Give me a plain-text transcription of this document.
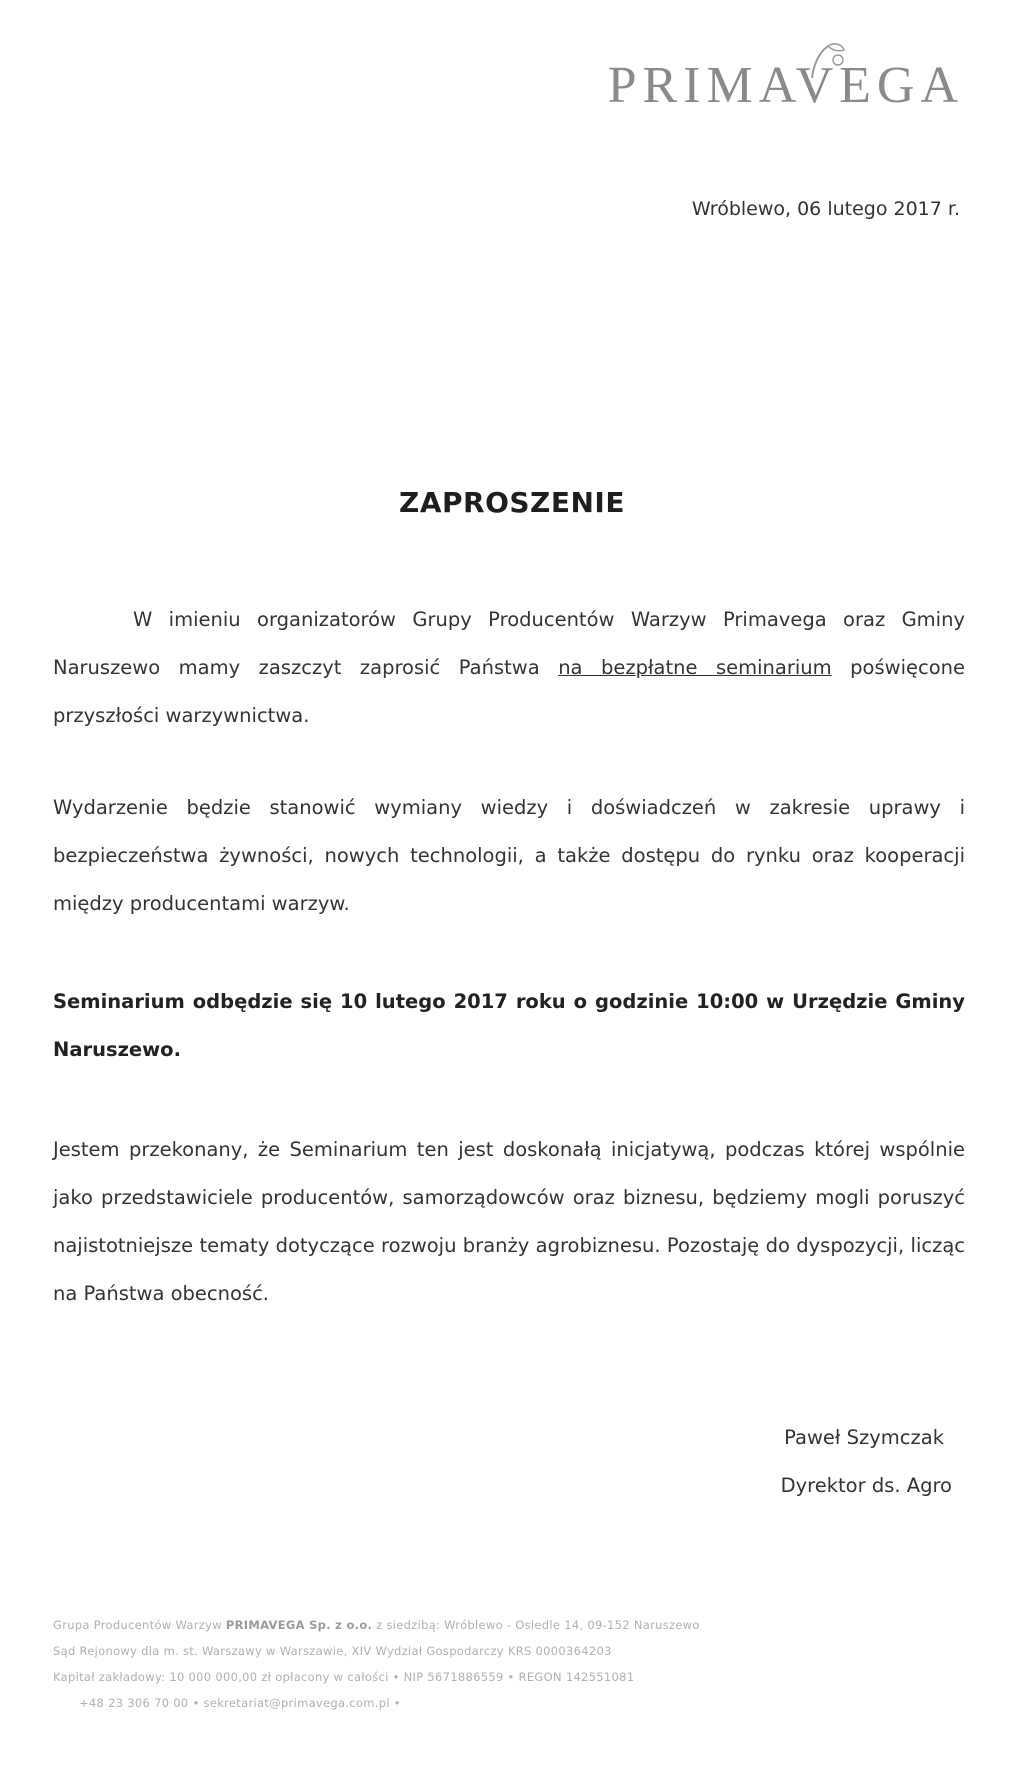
PRIMAVEGA
Wróblewo, 06 lutego 2017 r.
ZAPROSZENIE
W imieniu organizatorów Grupy Producentów Warzyw Primavega oraz Gminy Naruszewo mamy zaszczyt zaprosić Państwa na bezpłatne seminarium poświęcone przyszłości warzywnictwa.
Wydarzenie będzie stanowić wymiany wiedzy i doświadczeń w zakresie uprawy i bezpieczeństwa żywności, nowych technologii, a także dostępu do rynku oraz kooperacji między producentami warzyw.
Seminarium odbędzie się 10 lutego 2017 roku o godzinie 10:00 w Urzędzie Gminy Naruszewo.
Jestem przekonany, że Seminarium ten jest doskonałą inicjatywą, podczas której wspólnie jako przedstawiciele producentów, samorządowców oraz biznesu, będziemy mogli poruszyć najistotniejsze tematy dotyczące rozwoju branży agrobiznesu. Pozostaję do dyspozycji, licząc na Państwa obecność.
Paweł Szymczak
Dyrektor ds. Agro
Grupa Producentów Warzyw PRIMAVEGA Sp. z o.o. z siedzibą: Wróblewo - Osiedle 14, 09-152 Naruszewo
Sąd Rejonowy dla m. st. Warszawy w Warszawie, XIV Wydział Gospodarczy KRS 0000364203
Kapitał zakładowy: 10 000 000,00 zł opłacony w całości • NIP 5671886559 • REGON 142551081
+48 23 306 70 00 • sekretariat@primavega.com.pl •
